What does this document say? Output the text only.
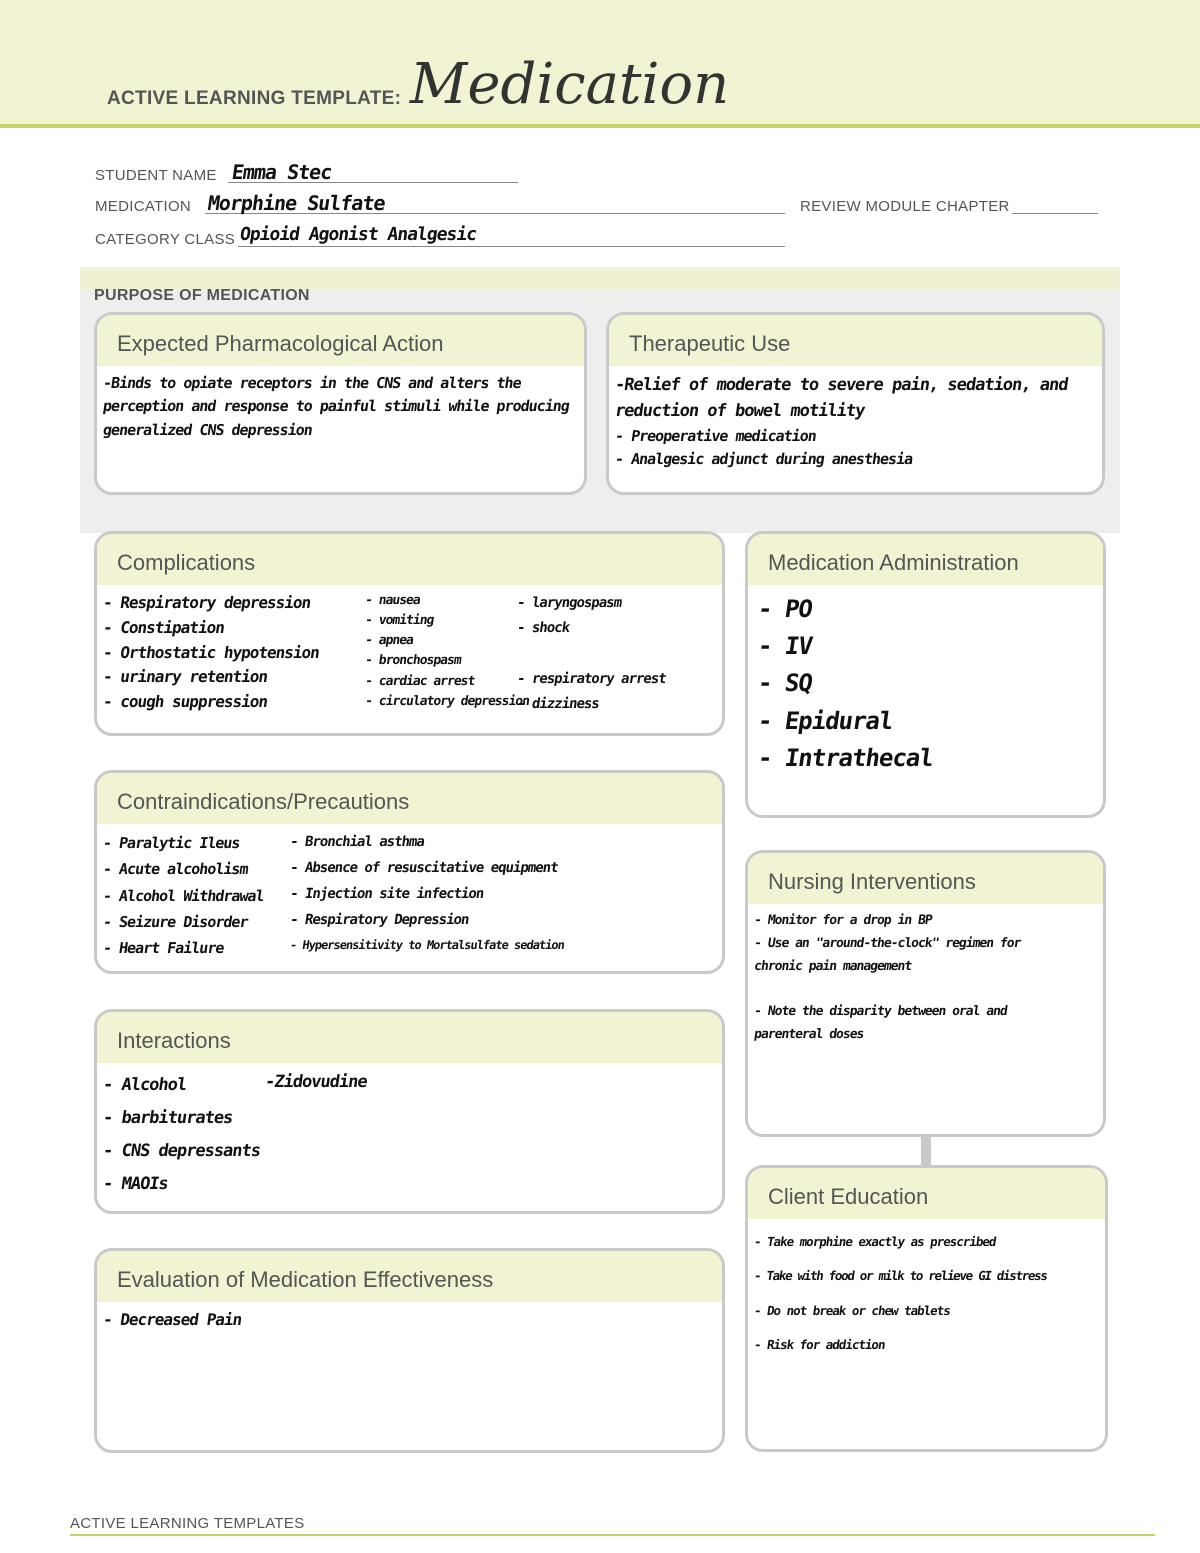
ACTIVE LEARNING TEMPLATE: Medication
STUDENT NAME Emma Stec
MEDICATION Morphine Sulfate	REVIEW MODULE CHAPTER
CATEGORY CLASS Opioid Agonist Analgesic
PURPOSE OF MEDICATION
Expected Pharmacological Action
-Binds to opiate receptors in the CNS and alters the
perception and response to painful stimuli while producing
generalized CNS depression
Therapeutic Use
-Relief of moderate to severe pain, sedation, and
reduction of bowel motility
- Preoperative medication
- Analgesic adjunct during anesthesia
Complications
- Respiratory depression
- Constipation
- Orthostatic hypotension
- urinary retention
- cough suppression
- nausea
- vomiting
- apnea
- bronchospasm
- cardiac arrest
- circulatory depression
- laryngospasm
- shock

- respiratory arrest
- dizziness
Medication Administration
- PO
- IV
- SQ
- Epidural
- Intrathecal
Contraindications/Precautions
- Paralytic Ileus
- Acute alcoholism
- Alcohol Withdrawal
- Seizure Disorder
- Heart Failure
- Bronchial asthma
- Absence of resuscitative equipment
- Injection site infection
- Respiratory Depression
- Hypersensitivity to Mortalsulfate sedation
Nursing Interventions
- Monitor for a drop in BP
- Use an "around-the-clock" regimen for
chronic pain management

- Note the disparity between oral and
parenteral doses
Interactions
- Alcohol
- barbiturates
- CNS depressants
- MAOIs
-Zidovudine
Client Education
- Take morphine exactly as prescribed
- Take with food or milk to relieve GI distress
- Do not break or chew tablets
- Risk for addiction
Evaluation of Medication Effectiveness
- Decreased Pain
ACTIVE LEARNING TEMPLATES
